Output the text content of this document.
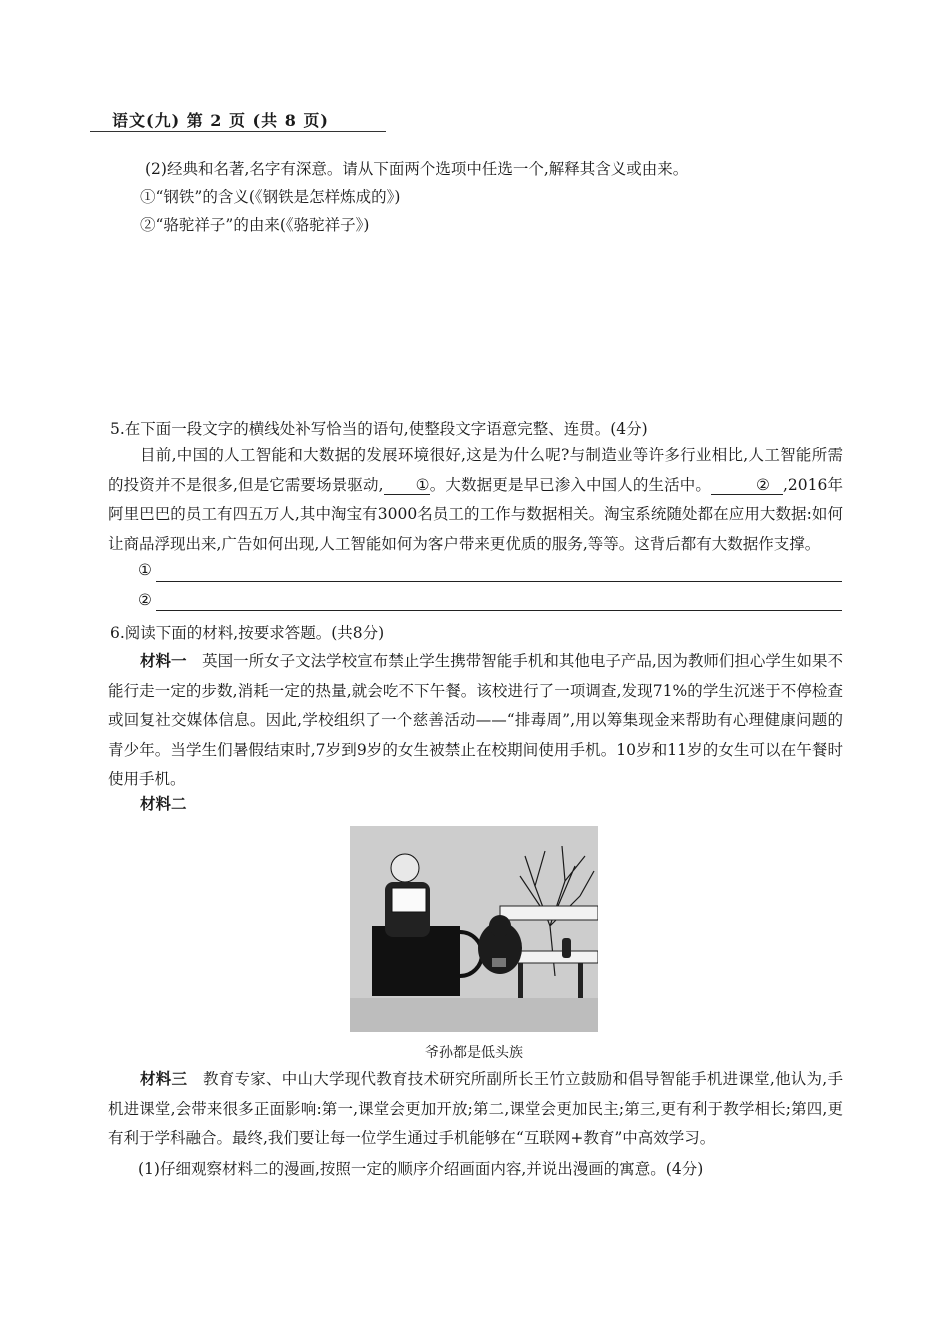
语文(九) 第 2 页 (共 8 页)
(2)经典和名著,名字有深意。请从下面两个选项中任选一个,解释其含义或由来。
①“钢铁”的含义(《钢铁是怎样炼成的》)
②“骆驼祥子”的由来(《骆驼祥子》)
5.在下面一段文字的横线处补写恰当的语句,使整段文字语意完整、连贯。(4分)
目前,中国的人工智能和大数据的发展环境很好,这是为什么呢?与制造业等许多行业相比,人工智能所需的投资并不是很多,但是它需要场景驱动, ①。大数据更是早已渗入中国人的生活中。	② ,2016年阿里巴巴的员工有四五万人,其中淘宝有3000名员工的工作与数据相关。淘宝系统随处都在应用大数据:如何让商品浮现出来,广告如何出现,人工智能如何为客户带来更优质的服务,等等。这背后都有大数据作支撑。
①
②
6.阅读下面的材料,按要求答题。(共8分)
材料一　 英国一所女子文法学校宣布禁止学生携带智能手机和其他电子产品,因为教师们担心学生如果不能行走一定的步数,消耗一定的热量,就会吃不下午餐。该校进行了一项调查,发现71%的学生沉迷于不停检查或回复社交媒体信息。因此,学校组织了一个慈善活动——“排毒周”,用以筹集现金来帮助有心理健康问题的青少年。当学生们暑假结束时,7岁到9岁的女生被禁止在校期间使用手机。10岁和11岁的女生可以在午餐时使用手机。
材料二
爷孙都是低头族
材料三　 教育专家、中山大学现代教育技术研究所副所长王竹立鼓励和倡导智能手机进课堂,他认为,手机进课堂,会带来很多正面影响:第一,课堂会更加开放;第二,课堂会更加民主;第三,更有利于教学相长;第四,更有利于学科融合。最终,我们要让每一位学生通过手机能够在“互联网+教育”中高效学习。
(1)仔细观察材料二的漫画,按照一定的顺序介绍画面内容,并说出漫画的寓意。(4分)
